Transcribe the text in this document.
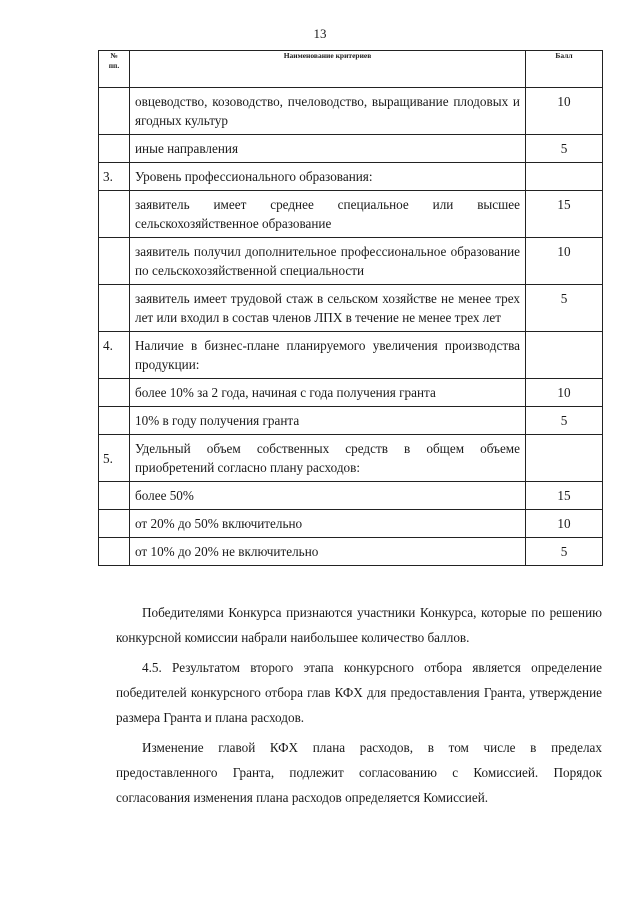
13
№
пп.	Наименование критериев	Балл
	овцеводство, козоводство, пчеловодство, выращивание плодовых и ягодных культур	10
	иные направления	5
3.	Уровень профессионального образования:	
	заявитель имеет среднее специальное или высшее сельскохозяйственное образование	15
	заявитель получил дополнительное профессиональное образование по сельскохозяйственной специальности	10
	заявитель имеет трудовой стаж в сельском хозяйстве не менее трех лет или входил в состав членов ЛПХ в течение не менее трех лет	5
4.	Наличие в бизнес-плане планируемого увеличения производства продукции:	
	более 10% за 2 года, начиная с года получения гранта	10
	10% в году получения гранта	5
5.	Удельный объем собственных средств в общем объеме приобретений согласно плану расходов:	
	более 50%	15
	от 20% до 50% включительно	10
	от 10% до 20% не включительно	5

Победителями Конкурса признаются участники Конкурса, которые по решению конкурсной комиссии набрали наибольшее количество баллов.

4.5. Результатом второго этапа конкурсного отбора является определение победителей конкурсного отбора глав КФХ для предоставления Гранта, утверждение размера Гранта и плана расходов.

Изменение главой КФХ плана расходов, в том числе в пределах предоставленного Гранта, подлежит согласованию с Комиссией. Порядок согласования изменения плана расходов определяется Комиссией.
